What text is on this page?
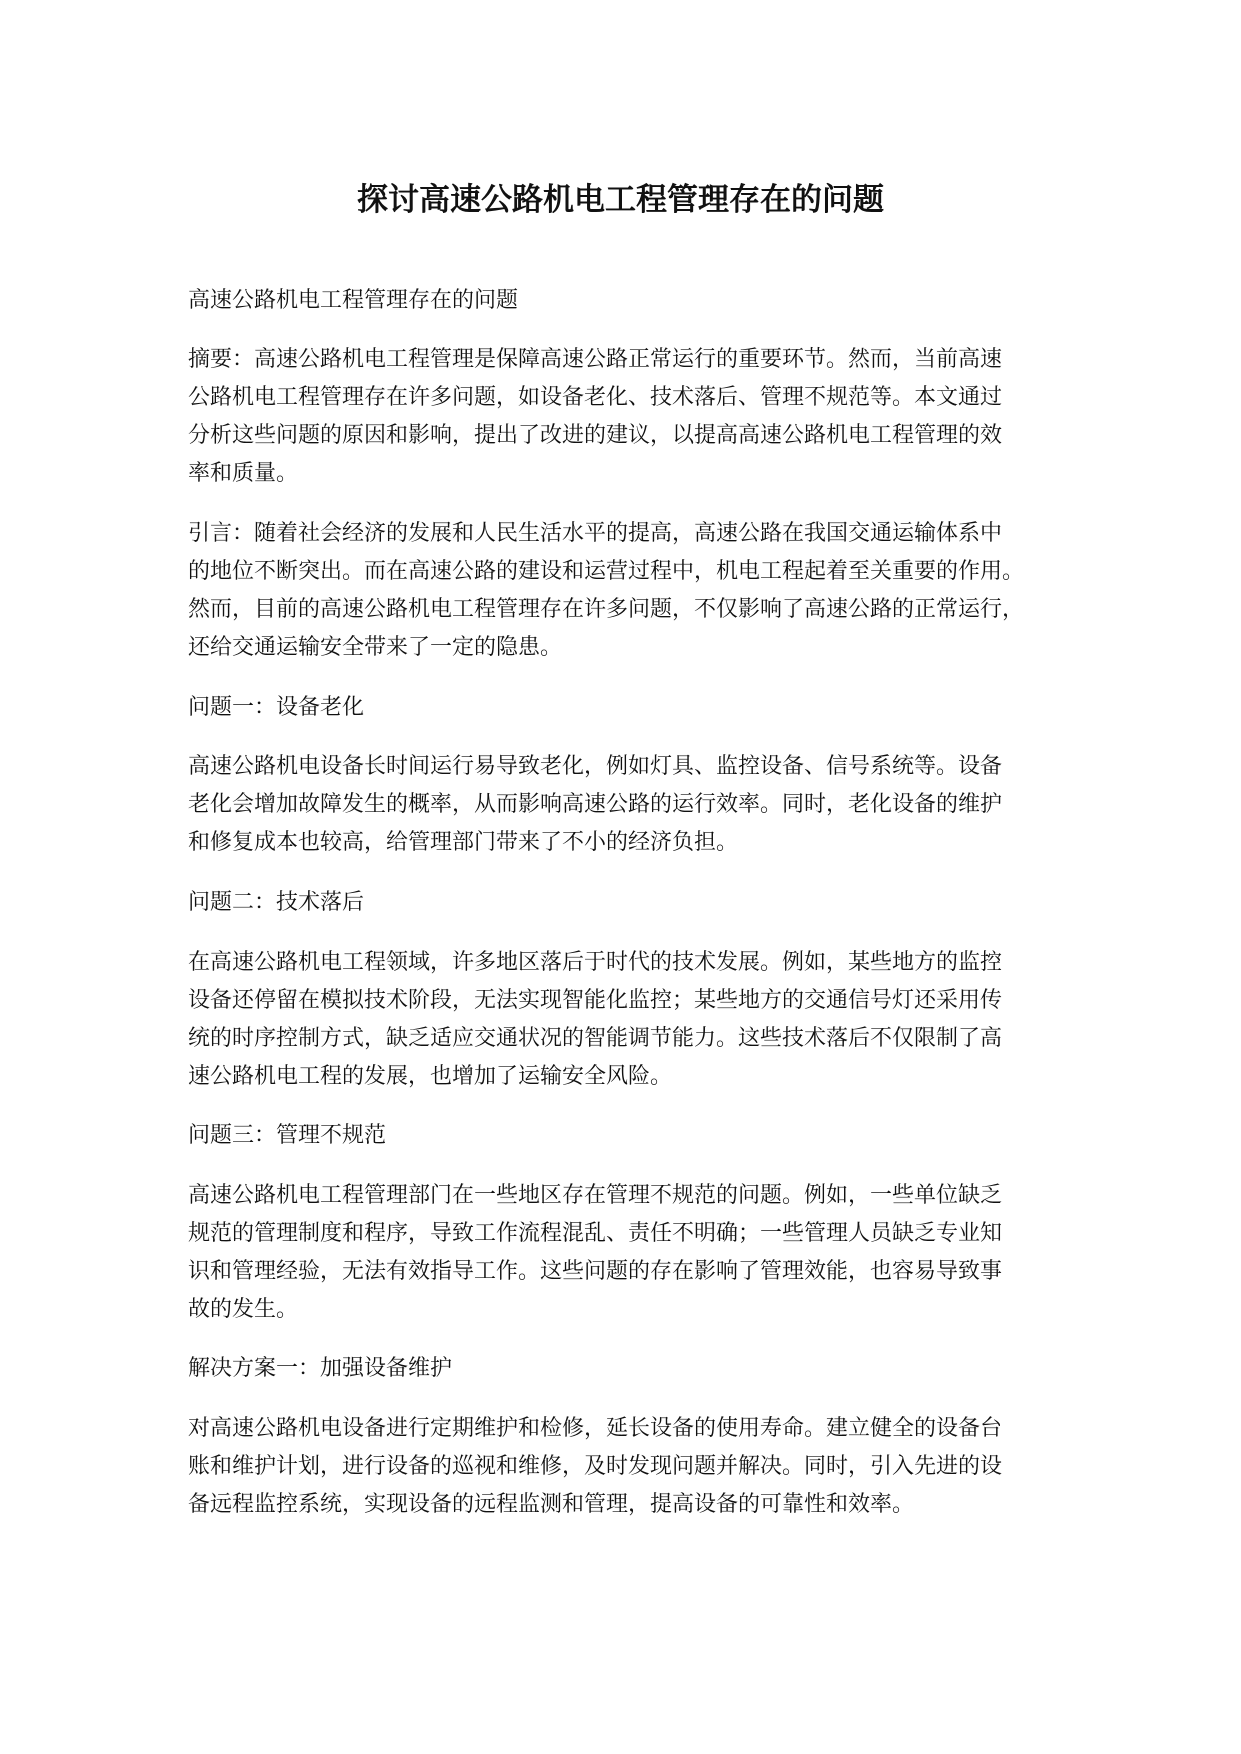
探讨高速公路机电工程管理存在的问题
高速公路机电工程管理存在的问题
摘要：高速公路机电工程管理是保障高速公路正常运行的重要环节。然而，当前高速
公路机电工程管理存在许多问题，如设备老化、技术落后、管理不规范等。本文通过
分析这些问题的原因和影响，提出了改进的建议，以提高高速公路机电工程管理的效
率和质量。
引言：随着社会经济的发展和人民生活水平的提高，高速公路在我国交通运输体系中
的地位不断突出。而在高速公路的建设和运营过程中，机电工程起着至关重要的作用。
然而，目前的高速公路机电工程管理存在许多问题，不仅影响了高速公路的正常运行，
还给交通运输安全带来了一定的隐患。
问题一：设备老化
高速公路机电设备长时间运行易导致老化，例如灯具、监控设备、信号系统等。设备
老化会增加故障发生的概率，从而影响高速公路的运行效率。同时，老化设备的维护
和修复成本也较高，给管理部门带来了不小的经济负担。
问题二：技术落后
在高速公路机电工程领域，许多地区落后于时代的技术发展。例如，某些地方的监控
设备还停留在模拟技术阶段，无法实现智能化监控；某些地方的交通信号灯还采用传
统的时序控制方式，缺乏适应交通状况的智能调节能力。这些技术落后不仅限制了高
速公路机电工程的发展，也增加了运输安全风险。
问题三：管理不规范
高速公路机电工程管理部门在一些地区存在管理不规范的问题。例如，一些单位缺乏
规范的管理制度和程序，导致工作流程混乱、责任不明确；一些管理人员缺乏专业知
识和管理经验，无法有效指导工作。这些问题的存在影响了管理效能，也容易导致事
故的发生。
解决方案一：加强设备维护
对高速公路机电设备进行定期维护和检修，延长设备的使用寿命。建立健全的设备台
账和维护计划，进行设备的巡视和维修，及时发现问题并解决。同时，引入先进的设
备远程监控系统，实现设备的远程监测和管理，提高设备的可靠性和效率。
